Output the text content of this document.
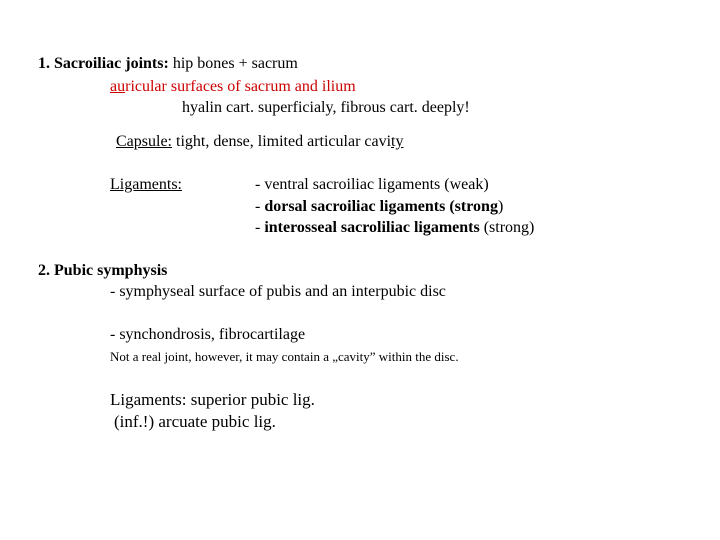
1. Sacroiliac joints: hip bones + sacrum
auricular surfaces of sacrum and ilium
hyalin cart. superficialy, fibrous cart. deeply!
Capsule: tight, dense, limited articular cavity
Ligaments:	- ventral sacroiliac ligaments (weak)
- dorsal sacroiliac ligaments (strong)
- interosseal sacroliliac ligaments (strong)
2. Pubic symphysis
- symphyseal surface of pubis and an interpubic disc
- synchondrosis, fibrocartilage
Not a real joint, however, it may contain a „cavity” within the disc.
Ligaments: superior pubic lig.
(inf.!) arcuate pubic lig.
